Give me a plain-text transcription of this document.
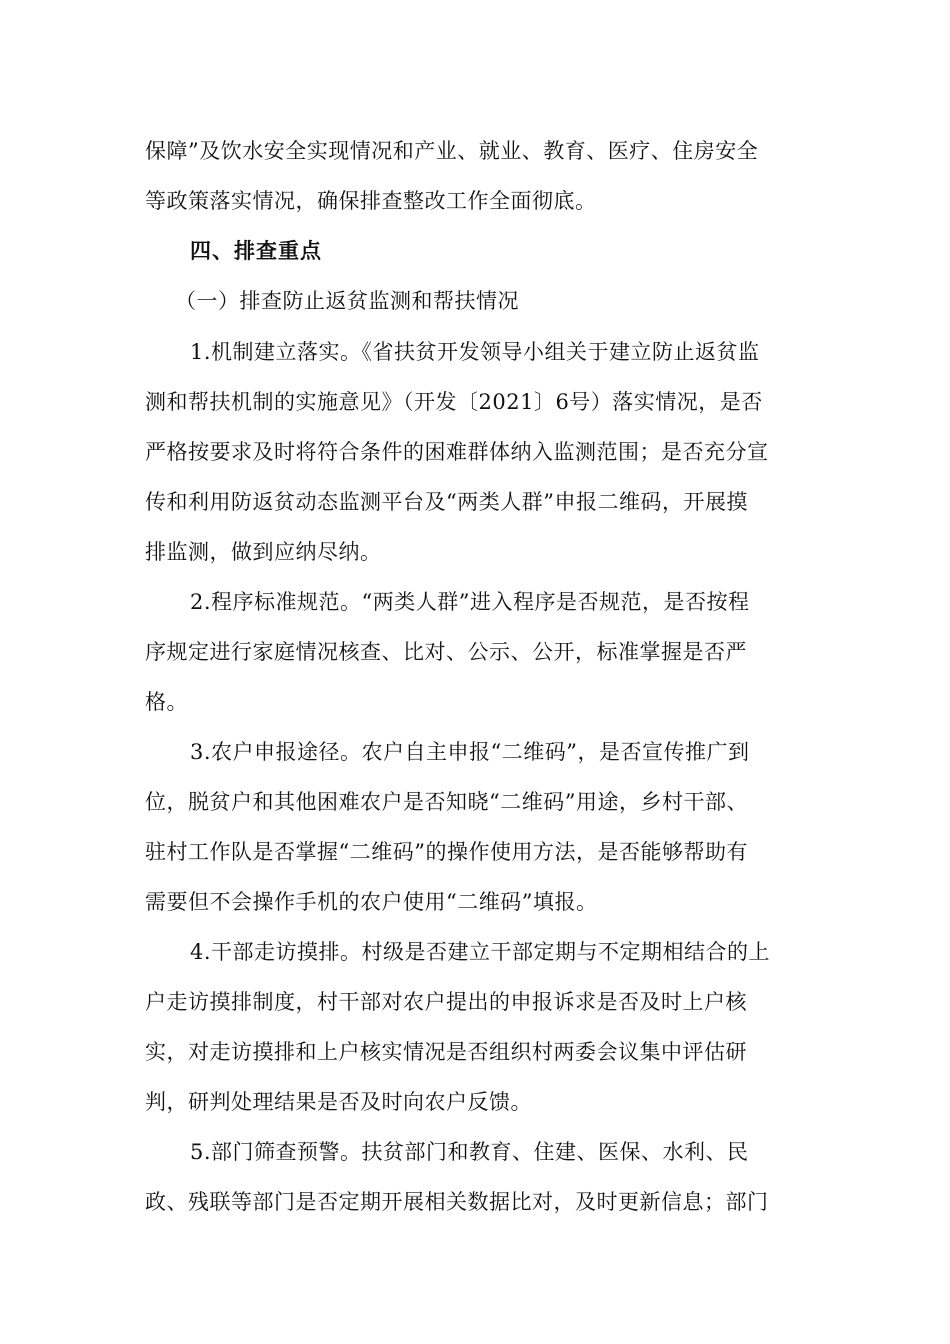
保障”及饮水安全实现情况和产业、就业、教育、医疗、住房安全
等政策落实情况，确保排查整改工作全面彻底。
四、排查重点
（一）排查防止返贫监测和帮扶情况
1.机制建立落实。《省扶贫开发领导小组关于建立防止返贫监
测和帮扶机制的实施意见》（开发〔2021〕6号）落实情况，是否
严格按要求及时将符合条件的困难群体纳入监测范围；是否充分宣
传和利用防返贫动态监测平台及“两类人群”申报二维码，开展摸
排监测，做到应纳尽纳。
2.程序标准规范。“两类人群”进入程序是否规范，是否按程
序规定进行家庭情况核查、比对、公示、公开，标准掌握是否严
格。
3.农户申报途径。农户自主申报“二维码”，是否宣传推广到
位，脱贫户和其他困难农户是否知晓“二维码”用途，乡村干部、
驻村工作队是否掌握“二维码”的操作使用方法，是否能够帮助有
需要但不会操作手机的农户使用“二维码”填报。
4.干部走访摸排。村级是否建立干部定期与不定期相结合的上
户走访摸排制度，村干部对农户提出的申报诉求是否及时上户核
实，对走访摸排和上户核实情况是否组织村两委会议集中评估研
判，研判处理结果是否及时向农户反馈。
5.部门筛查预警。扶贫部门和教育、住建、医保、水利、民
政、残联等部门是否定期开展相关数据比对，及时更新信息；部门
